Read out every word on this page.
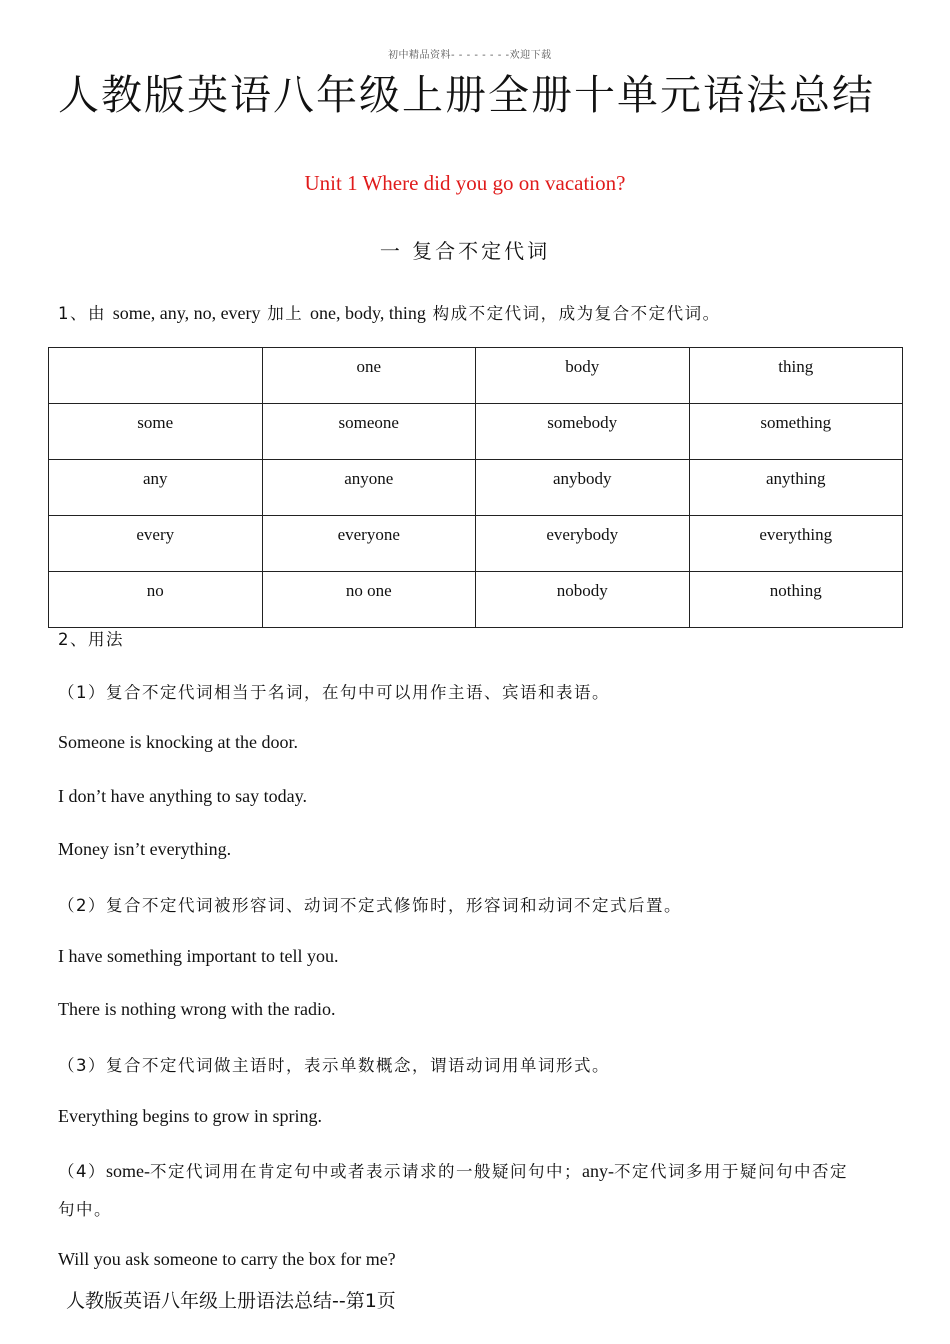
初中精品资料- - - - - - - -欢迎下载
人教版英语八年级上册全册十单元语法总结
Unit 1 Where did you go on vacation?
一 复合不定代词
1、由 some, any, no, every 加上 one, body, thing 构成不定代词，成为复合不定代词。
	one	body	thing
some	someone	somebody	something
any	anyone	anybody	anything
every	everyone	everybody	everything
no	no one	nobody	nothing
2、用法
（1）复合不定代词相当于名词，在句中可以用作主语、宾语和表语。
Someone is knocking at the door.
I don’t have anything to say today.
Money isn’t everything.
（2）复合不定代词被形容词、动词不定式修饰时，形容词和动词不定式后置。
I have something important to tell you.
There is nothing wrong with the radio.
（3）复合不定代词做主语时，表示单数概念，谓语动词用单词形式。
Everything begins to grow in spring.
（4）some-不定代词用在肯定句中或者表示请求的一般疑问句中；any-不定代词多用于疑问句中否定
句中。
Will you ask someone to carry the box for me?
人教版英语八年级上册语法总结--第1页
